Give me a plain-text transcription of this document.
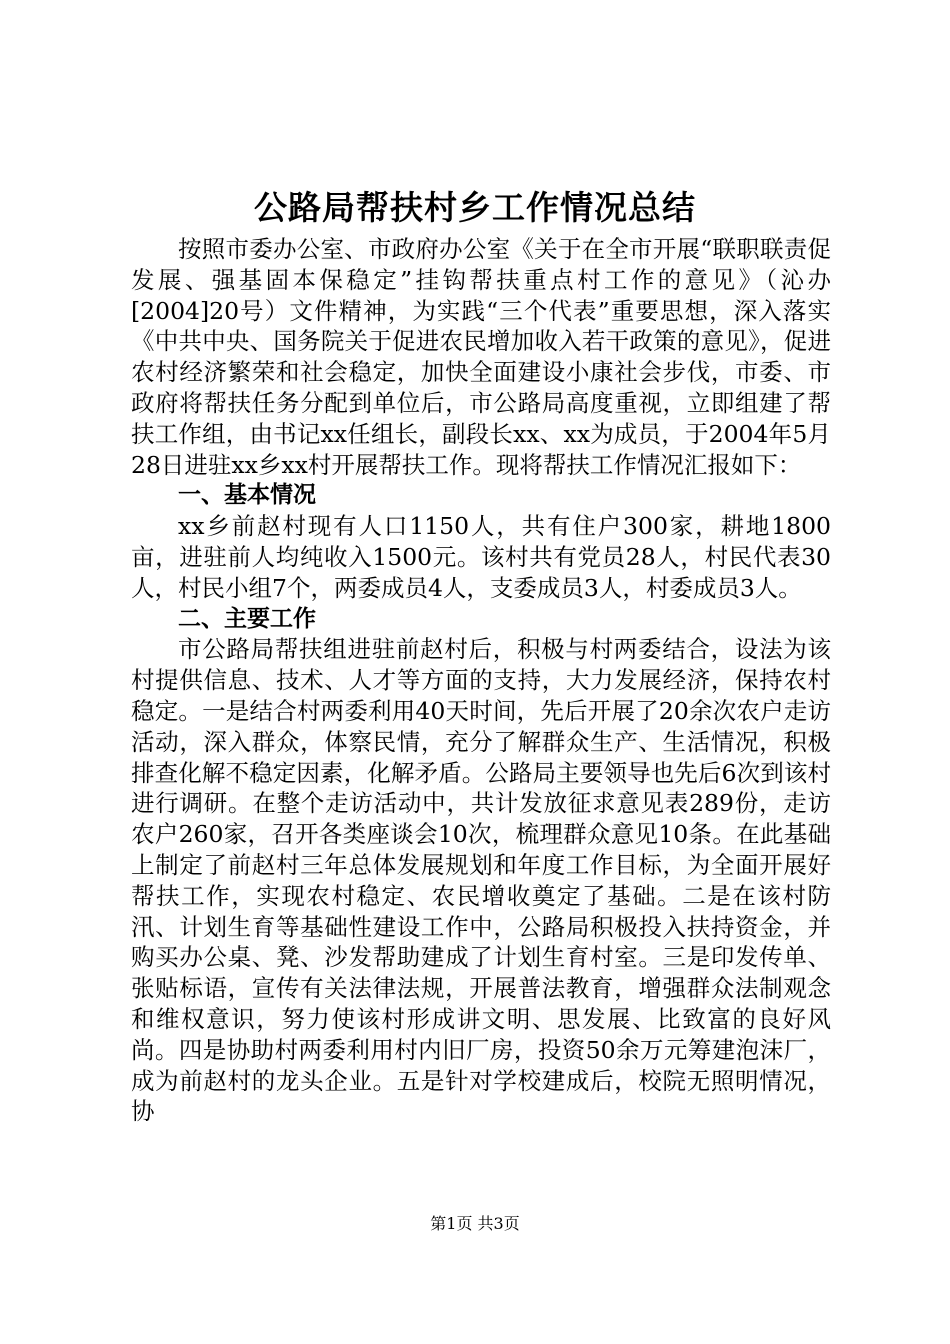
公路局帮扶村乡工作情况总结

按照市委办公室、市政府办公室《关于在全市开展“联职联责促发展、强基固本保稳定”挂钩帮扶重点村工作的意见》（沁办[2004]20号）文件精神，为实践“三个代表”重要思想，深入落实《中共中央、国务院关于促进农民增加收入若干政策的意见》，促进农村经济繁荣和社会稳定，加快全面建设小康社会步伐，市委、市政府将帮扶任务分配到单位后，市公路局高度重视，立即组建了帮扶工作组，由书记xx任组长，副段长xx、xx为成员，于2004年5月28日进驻xx乡xx村开展帮扶工作。现将帮扶工作情况汇报如下：

一、基本情况

xx乡前赵村现有人口1150人，共有住户300家，耕地1800亩，进驻前人均纯收入1500元。该村共有党员28人，村民代表30人，村民小组7个，两委成员4人，支委成员3人，村委成员3人。

二、主要工作

市公路局帮扶组进驻前赵村后，积极与村两委结合，设法为该村提供信息、技术、人才等方面的支持，大力发展经济，保持农村稳定。一是结合村两委利用40天时间，先后开展了20余次农户走访活动，深入群众，体察民情，充分了解群众生产、生活情况，积极排查化解不稳定因素，化解矛盾。公路局主要领导也先后6次到该村进行调研。在整个走访活动中，共计发放征求意见表289份，走访农户260家，召开各类座谈会10次，梳理群众意见10条。在此基础上制定了前赵村三年总体发展规划和年度工作目标，为全面开展好帮扶工作，实现农村稳定、农民增收奠定了基础。二是在该村防汛、计划生育等基础性建设工作中，公路局积极投入扶持资金，并购买办公桌、凳、沙发帮助建成了计划生育村室。三是印发传单、张贴标语，宣传有关法律法规，开展普法教育，增强群众法制观念和维权意识，努力使该村形成讲文明、思发展、比致富的良好风尚。四是协助村两委利用村内旧厂房，投资50余万元筹建泡沫厂，成为前赵村的龙头企业。五是针对学校建成后，校院无照明情况，协

第1页 共3页
